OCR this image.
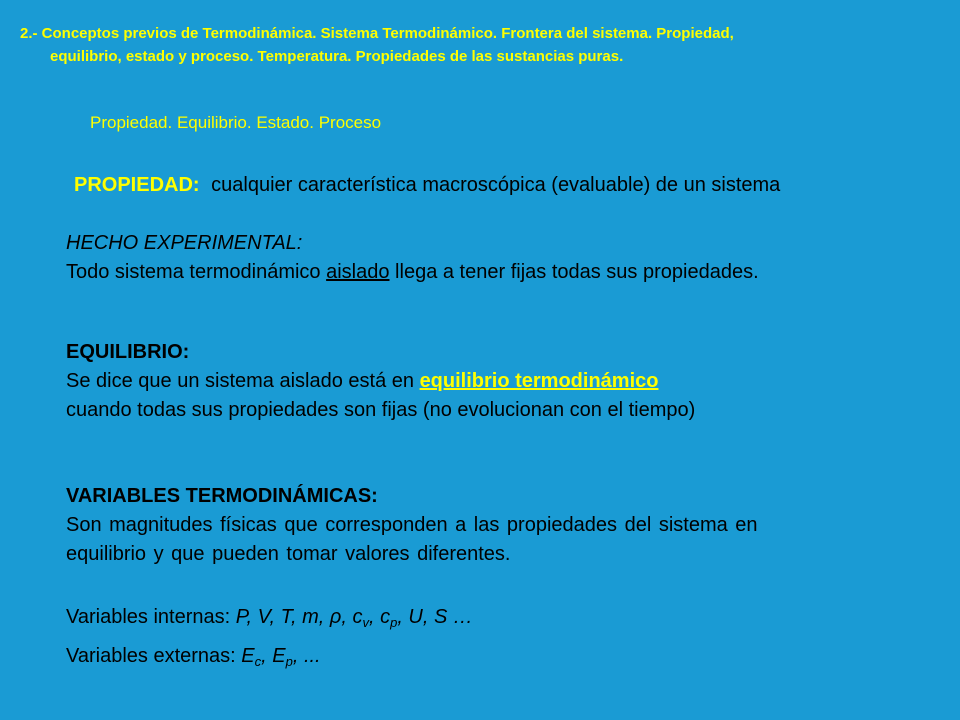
2.- Conceptos previos de Termodinámica. Sistema Termodinámico. Frontera del sistema. Propiedad,
equilibrio, estado y proceso. Temperatura. Propiedades de las sustancias puras.
Propiedad. Equilibrio. Estado. Proceso
PROPIEDAD: cualquier característica macroscópica (evaluable) de un sistema
HECHO EXPERIMENTAL:
Todo sistema termodinámico aislado llega a tener fijas todas sus propiedades.
EQUILIBRIO:
Se dice que un sistema aislado está en equilibrio termodinámico
cuando todas sus propiedades son fijas (no evolucionan con el tiempo)
VARIABLES TERMODINÁMICAS:
Son magnitudes físicas que corresponden a las propiedades del sistema en
equilibrio y que pueden tomar valores diferentes.
Variables internas: P, V, T, m, ρ, $c_v$, $c_p$, U, S …
Variables externas: $E_c$, $E_p$, ...
